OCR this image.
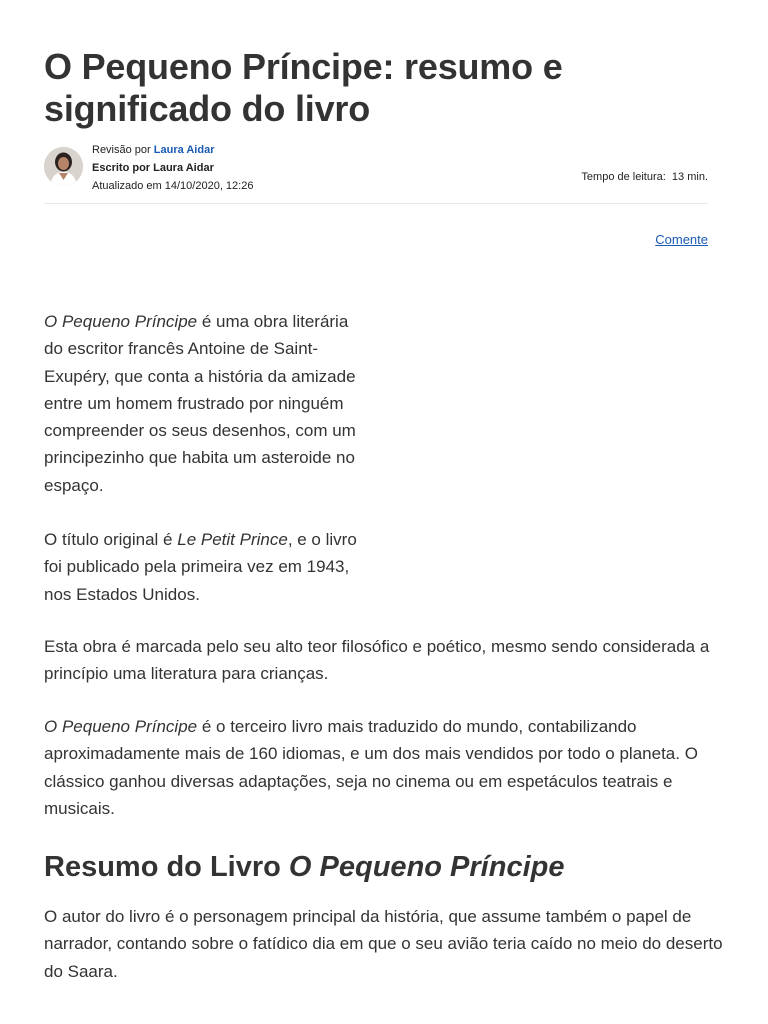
O Pequeno Príncipe: resumo e significado do livro
Revisão por Laura Aidar
Escrito por Laura Aidar
Atualizado em 14/10/2020, 12:26
Tempo de leitura:  13 min.
Comente

O Pequeno Príncipe é uma obra literária do escritor francês Antoine de Saint-Exupéry, que conta a história da amizade entre um homem frustrado por ninguém compreender os seus desenhos, com um principezinho que habita um asteroide no espaço.

O título original é Le Petit Prince, e o livro foi publicado pela primeira vez em 1943, nos Estados Unidos.

Esta obra é marcada pelo seu alto teor filosófico e poético, mesmo sendo considerada a princípio uma literatura para crianças.

O Pequeno Príncipe é o terceiro livro mais traduzido do mundo, contabilizando aproximadamente mais de 160 idiomas, e um dos mais vendidos por todo o planeta. O clássico ganhou diversas adaptações, seja no cinema ou em espetáculos teatrais e musicais.

Resumo do Livro O Pequeno Príncipe

O autor do livro é o personagem principal da história, que assume também o papel de narrador, contando sobre o fatídico dia em que o seu avião teria caído no meio do deserto do Saara.
